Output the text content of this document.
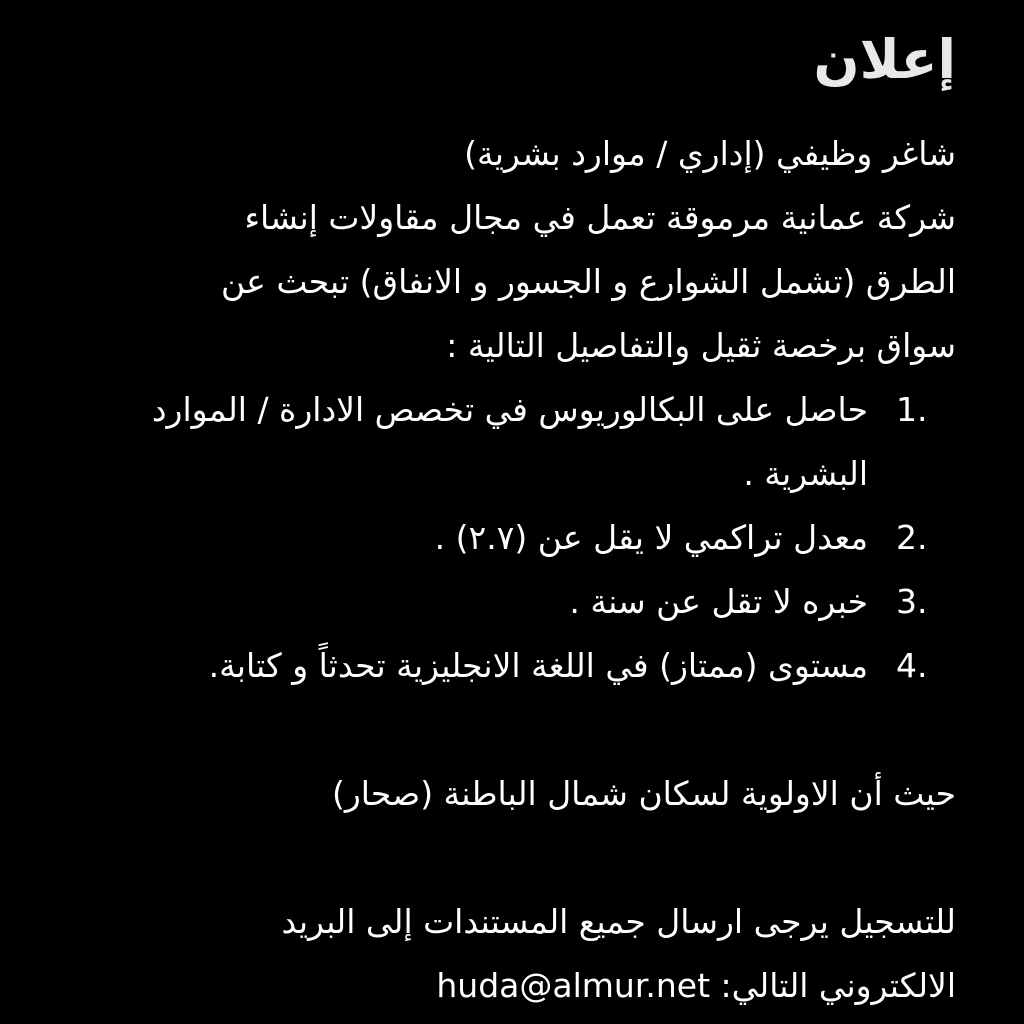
إعلان

شاغر وظيفي (إداري / موارد بشرية)
شركة عمانية مرموقة تعمل في مجال مقاولات إنشاء
الطرق (تشمل الشوارع و الجسور و الانفاق) تبحث عن
سواق برخصة ثقيل والتفاصيل التالية :

1.
حاصل على البكالوريوس في تخصص الادارة / الموارد البشرية .
2.
معدل تراكمي لا يقل عن (٢.٧) .
3.
خبره لا تقل عن سنة .
4.
مستوى (ممتاز) في اللغة الانجليزية تحدثاً و كتابة.

حيث أن الاولوية لسكان شمال الباطنة (صحار)

للتسجيل يرجى ارسال جميع المستندات إلى البريد
الالكتروني التالي: huda@almur.net
